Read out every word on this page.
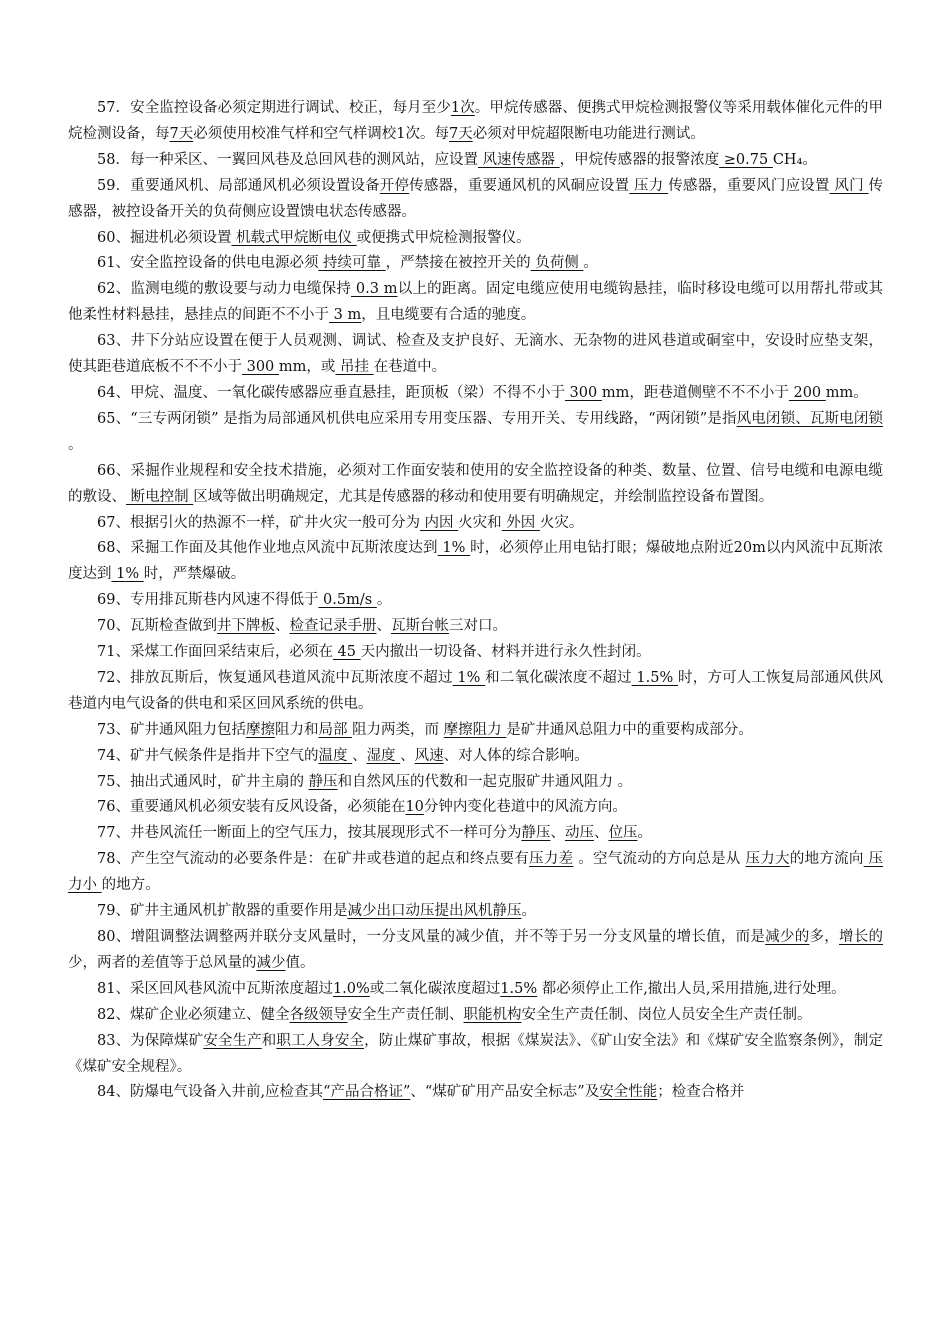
57．安全监控设备必须定期进行调试、校正，每月至少1次。甲烷传感器、便携式甲烷检测报警仪等采用载体催化元件的甲烷检测设备，每7天必须使用校准气样和空气样调校1次。每7天必须对甲烷超限断电功能进行测试。

58．每一种采区、一翼回风巷及总回风巷的测风站，应设置 风速传感器 ，甲烷传感器的报警浓度 ≥0.75 CH₄。

59．重要通风机、局部通风机必须设置设备开停传感器，重要通风机的风硐应设置 压力 传感器，重要风门应设置 风门 传感器，被控设备开关的负荷侧应设置馈电状态传感器。

60、掘进机必须设置 机载式甲烷断电仪 或便携式甲烷检测报警仪。

61、安全监控设备的供电电源必须 持续可靠 ，严禁接在被控开关的 负荷侧 。

62、监测电缆的敷设要与动力电缆保持 0.3 m以上的距离。固定电缆应使用电缆钩悬挂，临时移设电缆可以用帮扎带或其他柔性材料悬挂，悬挂点的间距不不小于 3 m，且电缆要有合适的驰度。

63、井下分站应设置在便于人员观测、调试、检查及支护良好、无滴水、无杂物的进风巷道或硐室中，安设时应垫支架，使其距巷道底板不不不小于 300 mm，或 吊挂 在巷道中。

64、甲烷、温度、一氧化碳传感器应垂直悬挂，距顶板（梁）不得不小于 300 mm，距巷道侧壁不不不小于 200 mm。

65、“三专两闭锁” 是指为局部通风机供电应采用专用变压器、专用开关、专用线路，“两闭锁”是指风电闭锁、瓦斯电闭锁 。

66、采掘作业规程和安全技术措施，必须对工作面安装和使用的安全监控设备的种类、数量、位置、信号电缆和电源电缆的敷设、 断电控制 区域等做出明确规定，尤其是传感器的移动和使用要有明确规定，并绘制监控设备布置图。

67、根据引火的热源不一样，矿井火灾一般可分为 内因 火灾和 外因 火灾。

68、采掘工作面及其他作业地点风流中瓦斯浓度达到 1% 时，必须停止用电钻打眼；爆破地点附近20m以内风流中瓦斯浓度达到 1% 时，严禁爆破。

69、专用排瓦斯巷内风速不得低于 0.5m/s 。

70、瓦斯检查做到井下牌板、检查记录手册、瓦斯台帐三对口。

71、采煤工作面回采结束后，必须在 45 天内撤出一切设备、材料并进行永久性封闭。

72、排放瓦斯后，恢复通风巷道风流中瓦斯浓度不超过 1% 和二氧化碳浓度不超过 1.5% 时，方可人工恢复局部通风供风巷道内电气设备的供电和采区回风系统的供电。

73、矿井通风阻力包括摩擦阻力和局部 阻力两类，而 摩擦阻力 是矿井通风总阻力中的重要构成部分。

74、矿井气候条件是指井下空气的温度 、湿度 、风速、对人体的综合影响。

75、抽出式通风时，矿井主扇的 静压和自然风压的代数和一起克服矿井通风阻力 。

76、重要通风机必须安装有反风设备，必须能在10分钟内变化巷道中的风流方向。

77、井巷风流任一断面上的空气压力，按其展现形式不一样可分为静压、动压、位压。

78、产生空气流动的必要条件是：在矿井或巷道的起点和终点要有压力差 。空气流动的方向总是从 压力大的地方流向 压力小 的地方。

79、矿井主通风机扩散器的重要作用是减少出口动压提出风机静压。

80、增阻调整法调整两并联分支风量时，一分支风量的减少值，并不等于另一分支风量的增长值，而是减少的多，增长的少，两者的差值等于总风量的减少值。

81、采区回风巷风流中瓦斯浓度超过1.0%或二氧化碳浓度超过1.5% 都必须停止工作,撤出人员,采用措施,进行处理。

82、煤矿企业必须建立、健全各级领导安全生产责任制、职能机构安全生产责任制、岗位人员安全生产责任制。

83、为保障煤矿安全生产和职工人身安全，防止煤矿事故，根据《煤炭法》、《矿山安全法》和《煤矿安全监察条例》，制定《煤矿安全规程》。

84、防爆电气设备入井前,应检查其“产品合格证”、“煤矿矿用产品安全标志”及安全性能；检查合格并
